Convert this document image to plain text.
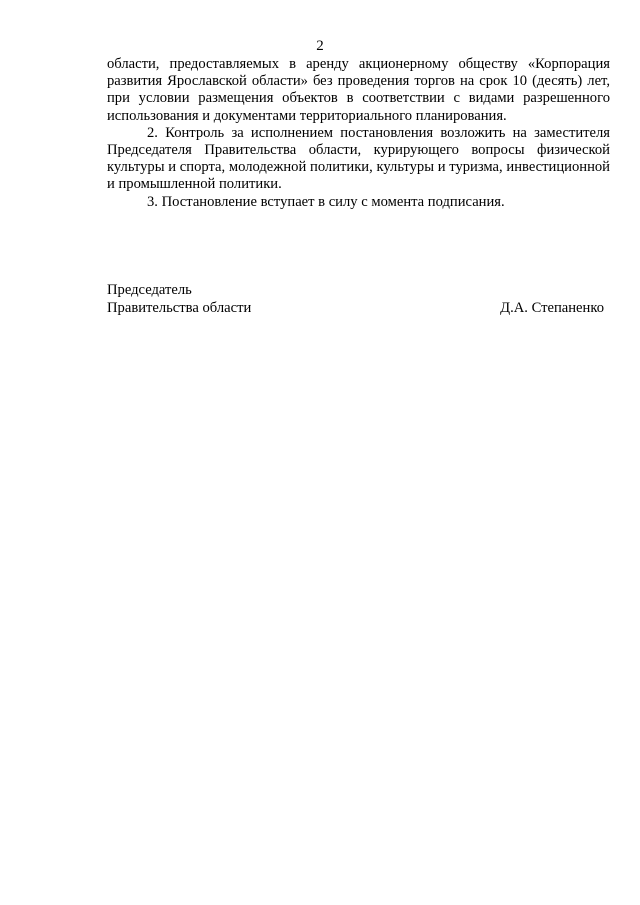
2

области, предоставляемых в аренду акционерному обществу «Корпорация развития Ярославской области» без проведения торгов на срок 10 (десять) лет, при условии размещения объектов в соответствии с видами разрешенного использования и документами территориального планирования.

2. Контроль за исполнением постановления возложить на заместителя Председателя Правительства области, курирующего вопросы физической культуры и спорта, молодежной политики, культуры и туризма, инвестиционной и промышленной политики.

3. Постановление вступает в силу с момента подписания.

Председатель
Правительства области	Д.А. Степаненко
